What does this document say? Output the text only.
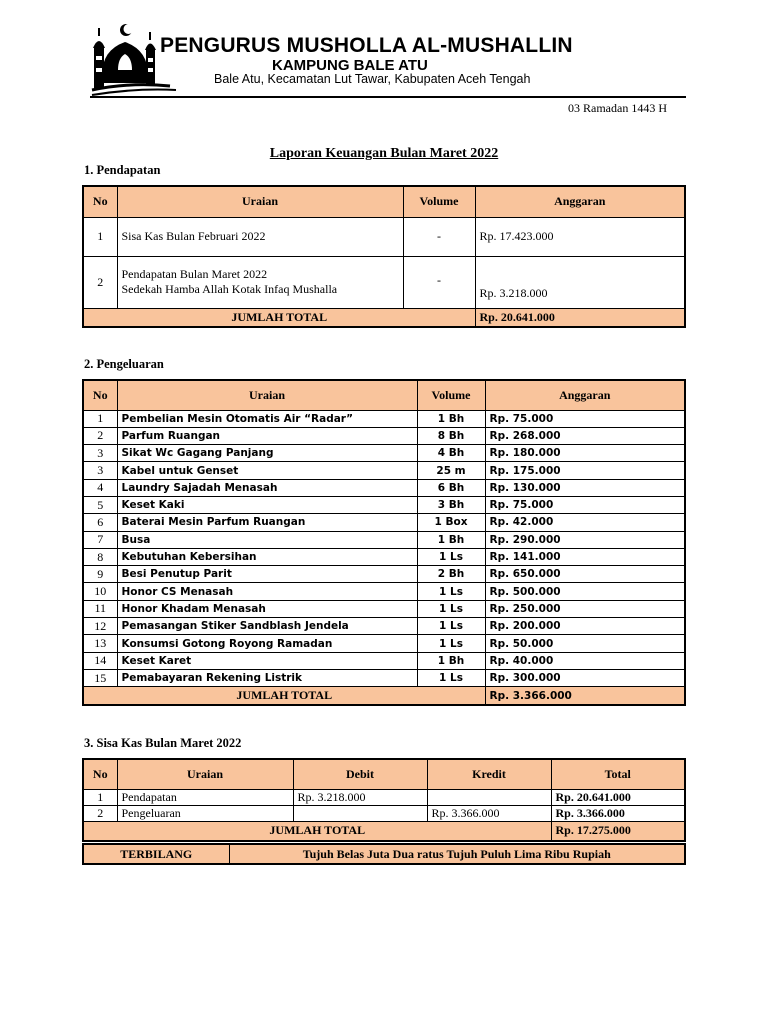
PENGURUS MUSHOLLA AL-MUSHALLIN
KAMPUNG BALE ATU
Bale Atu, Kecamatan Lut Tawar, Kabupaten Aceh Tengah
03 Ramadan 1443 H
Laporan Keuangan Bulan Maret 2022
1. Pendapatan
No	Uraian	Volume	Anggaran
1	Sisa Kas Bulan Februari 2022	-	Rp. 17.423.000
2	Pendapatan Bulan Maret 2022
Sedekah Hamba Allah Kotak Infaq Mushalla	-	Rp. 3.218.000
JUMLAH TOTAL			Rp. 20.641.000
2. Pengeluaran
No	Uraian	Volume	Anggaran
1	Pembelian Mesin Otomatis Air “Radar”	1 Bh	Rp. 75.000
2	Parfum Ruangan	8 Bh	Rp. 268.000
3	Sikat Wc Gagang Panjang	4 Bh	Rp. 180.000
3	Kabel untuk Genset	25 m	Rp. 175.000
4	Laundry Sajadah Menasah	6 Bh	Rp. 130.000
5	Keset Kaki	3 Bh	Rp. 75.000
6	Baterai Mesin Parfum Ruangan	1 Box	Rp. 42.000
7	Busa	1 Bh	Rp. 290.000
8	Kebutuhan Kebersihan	1 Ls	Rp. 141.000
9	Besi Penutup Parit	2 Bh	Rp. 650.000
10	Honor CS Menasah	1 Ls	Rp. 500.000
11	Honor Khadam Menasah	1 Ls	Rp. 250.000
12	Pemasangan Stiker Sandblash Jendela	1 Ls	Rp. 200.000
13	Konsumsi Gotong Royong Ramadan	1 Ls	Rp. 50.000
14	Keset Karet	1 Bh	Rp. 40.000
15	Pemabayaran Rekening Listrik	1 Ls	Rp. 300.000
JUMLAH TOTAL			Rp. 3.366.000
3. Sisa Kas Bulan Maret 2022
No	Uraian	Debit	Kredit	Total
1	Pendapatan	Rp. 3.218.000		Rp. 20.641.000
2	Pengeluaran		Rp. 3.366.000	Rp. 3.366.000
JUMLAH TOTAL				Rp. 17.275.000
TERBILANG	Tujuh Belas Juta Dua ratus Tujuh Puluh Lima Ribu Rupiah
